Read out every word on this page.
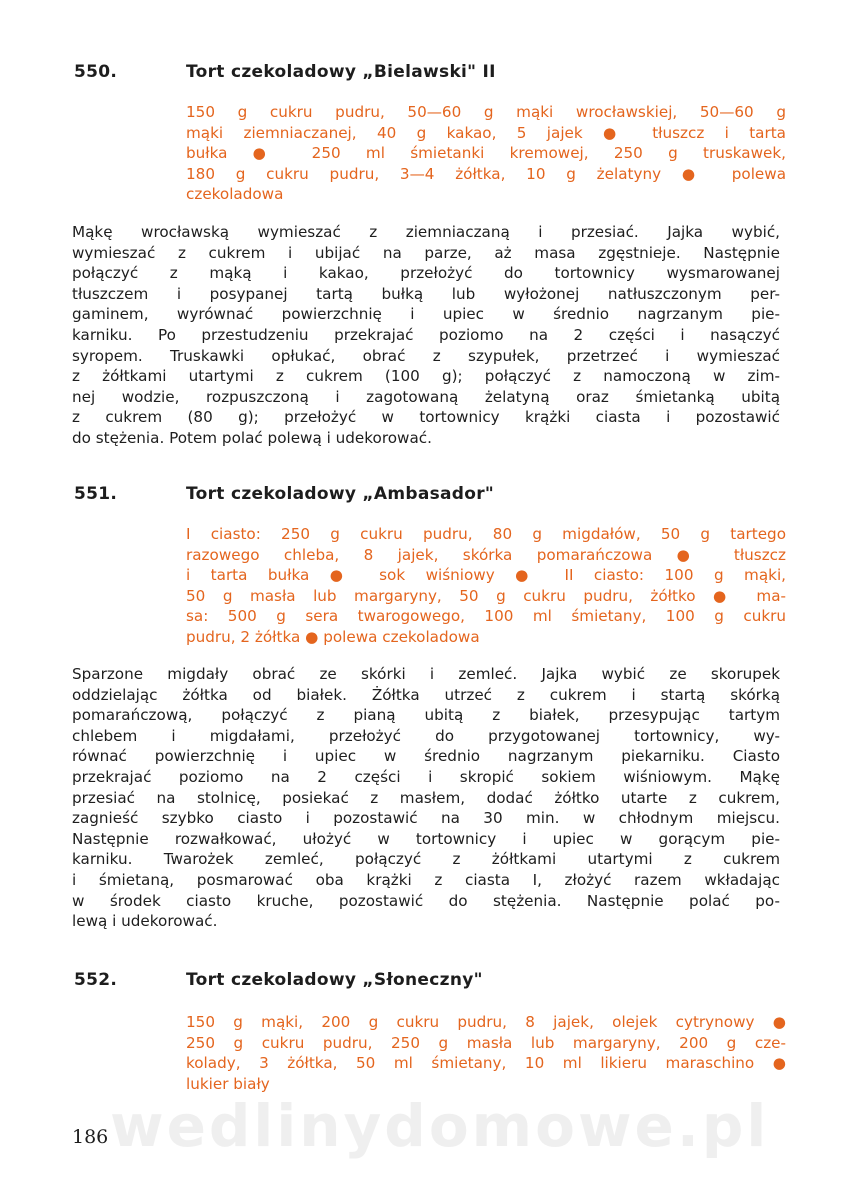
550.	Tort czekoladowy „Bielawski" II
150 g cukru pudru, 50—60 g mąki wrocławskiej, 50—60 g
mąki ziemniaczanej, 40 g kakao, 5 jajek ● tłuszcz i tarta
bułka ● 250 ml śmietanki kremowej, 250 g truskawek,
180 g cukru pudru, 3—4 żółtka, 10 g żelatyny ● polewa
czekoladowa
Mąkę wrocławską wymieszać z ziemniaczaną i przesiać. Jajka wybić,
wymieszać z cukrem i ubijać na parze, aż masa zgęstnieje. Następnie
połączyć z mąką i kakao, przełożyć do tortownicy wysmarowanej
tłuszczem i posypanej tartą bułką lub wyłożonej natłuszczonym per-
gaminem, wyrównać powierzchnię i upiec w średnio nagrzanym pie-
karniku. Po przestudzeniu przekrajać poziomo na 2 części i nasączyć
syropem. Truskawki opłukać, obrać z szypułek, przetrzeć i wymieszać
z żółtkami utartymi z cukrem (100 g); połączyć z namoczoną w zim-
nej wodzie, rozpuszczoną i zagotowaną żelatyną oraz śmietanką ubitą
z cukrem (80 g); przełożyć w tortownicy krążki ciasta i pozostawić
do stężenia. Potem polać polewą i udekorować.
551.	Tort czekoladowy „Ambasador"
I ciasto: 250 g cukru pudru, 80 g migdałów, 50 g tartego
razowego chleba, 8 jajek, skórka pomarańczowa ● tłuszcz
i tarta bułka ● sok wiśniowy ● II ciasto: 100 g mąki,
50 g masła lub margaryny, 50 g cukru pudru, żółtko ● ma-
sa: 500 g sera twarogowego, 100 ml śmietany, 100 g cukru
pudru, 2 żółtka ● polewa czekoladowa
Sparzone migdały obrać ze skórki i zemleć. Jajka wybić ze skorupek
oddzielając żółtka od białek. Żółtka utrzeć z cukrem i startą skórką
pomarańczową, połączyć z pianą ubitą z białek, przesypując tartym
chlebem i migdałami, przełożyć do przygotowanej tortownicy, wy-
równać powierzchnię i upiec w średnio nagrzanym piekarniku. Ciasto
przekrajać poziomo na 2 części i skropić sokiem wiśniowym. Mąkę
przesiać na stolnicę, posiekać z masłem, dodać żółtko utarte z cukrem,
zagnieść szybko ciasto i pozostawić na 30 min. w chłodnym miejscu.
Następnie rozwałkować, ułożyć w tortownicy i upiec w gorącym pie-
karniku. Twarożek zemleć, połączyć z żółtkami utartymi z cukrem
i śmietaną, posmarować oba krążki z ciasta I, złożyć razem wkładając
w środek ciasto kruche, pozostawić do stężenia. Następnie polać po-
lewą i udekorować.
552.	Tort czekoladowy „Słoneczny"
150 g mąki, 200 g cukru pudru, 8 jajek, olejek cytrynowy ●
250 g cukru pudru, 250 g masła lub margaryny, 200 g cze-
kolady, 3 żółtka, 50 ml śmietany, 10 ml likieru maraschino ●
lukier biały
wedlinydomowe.pl
186
